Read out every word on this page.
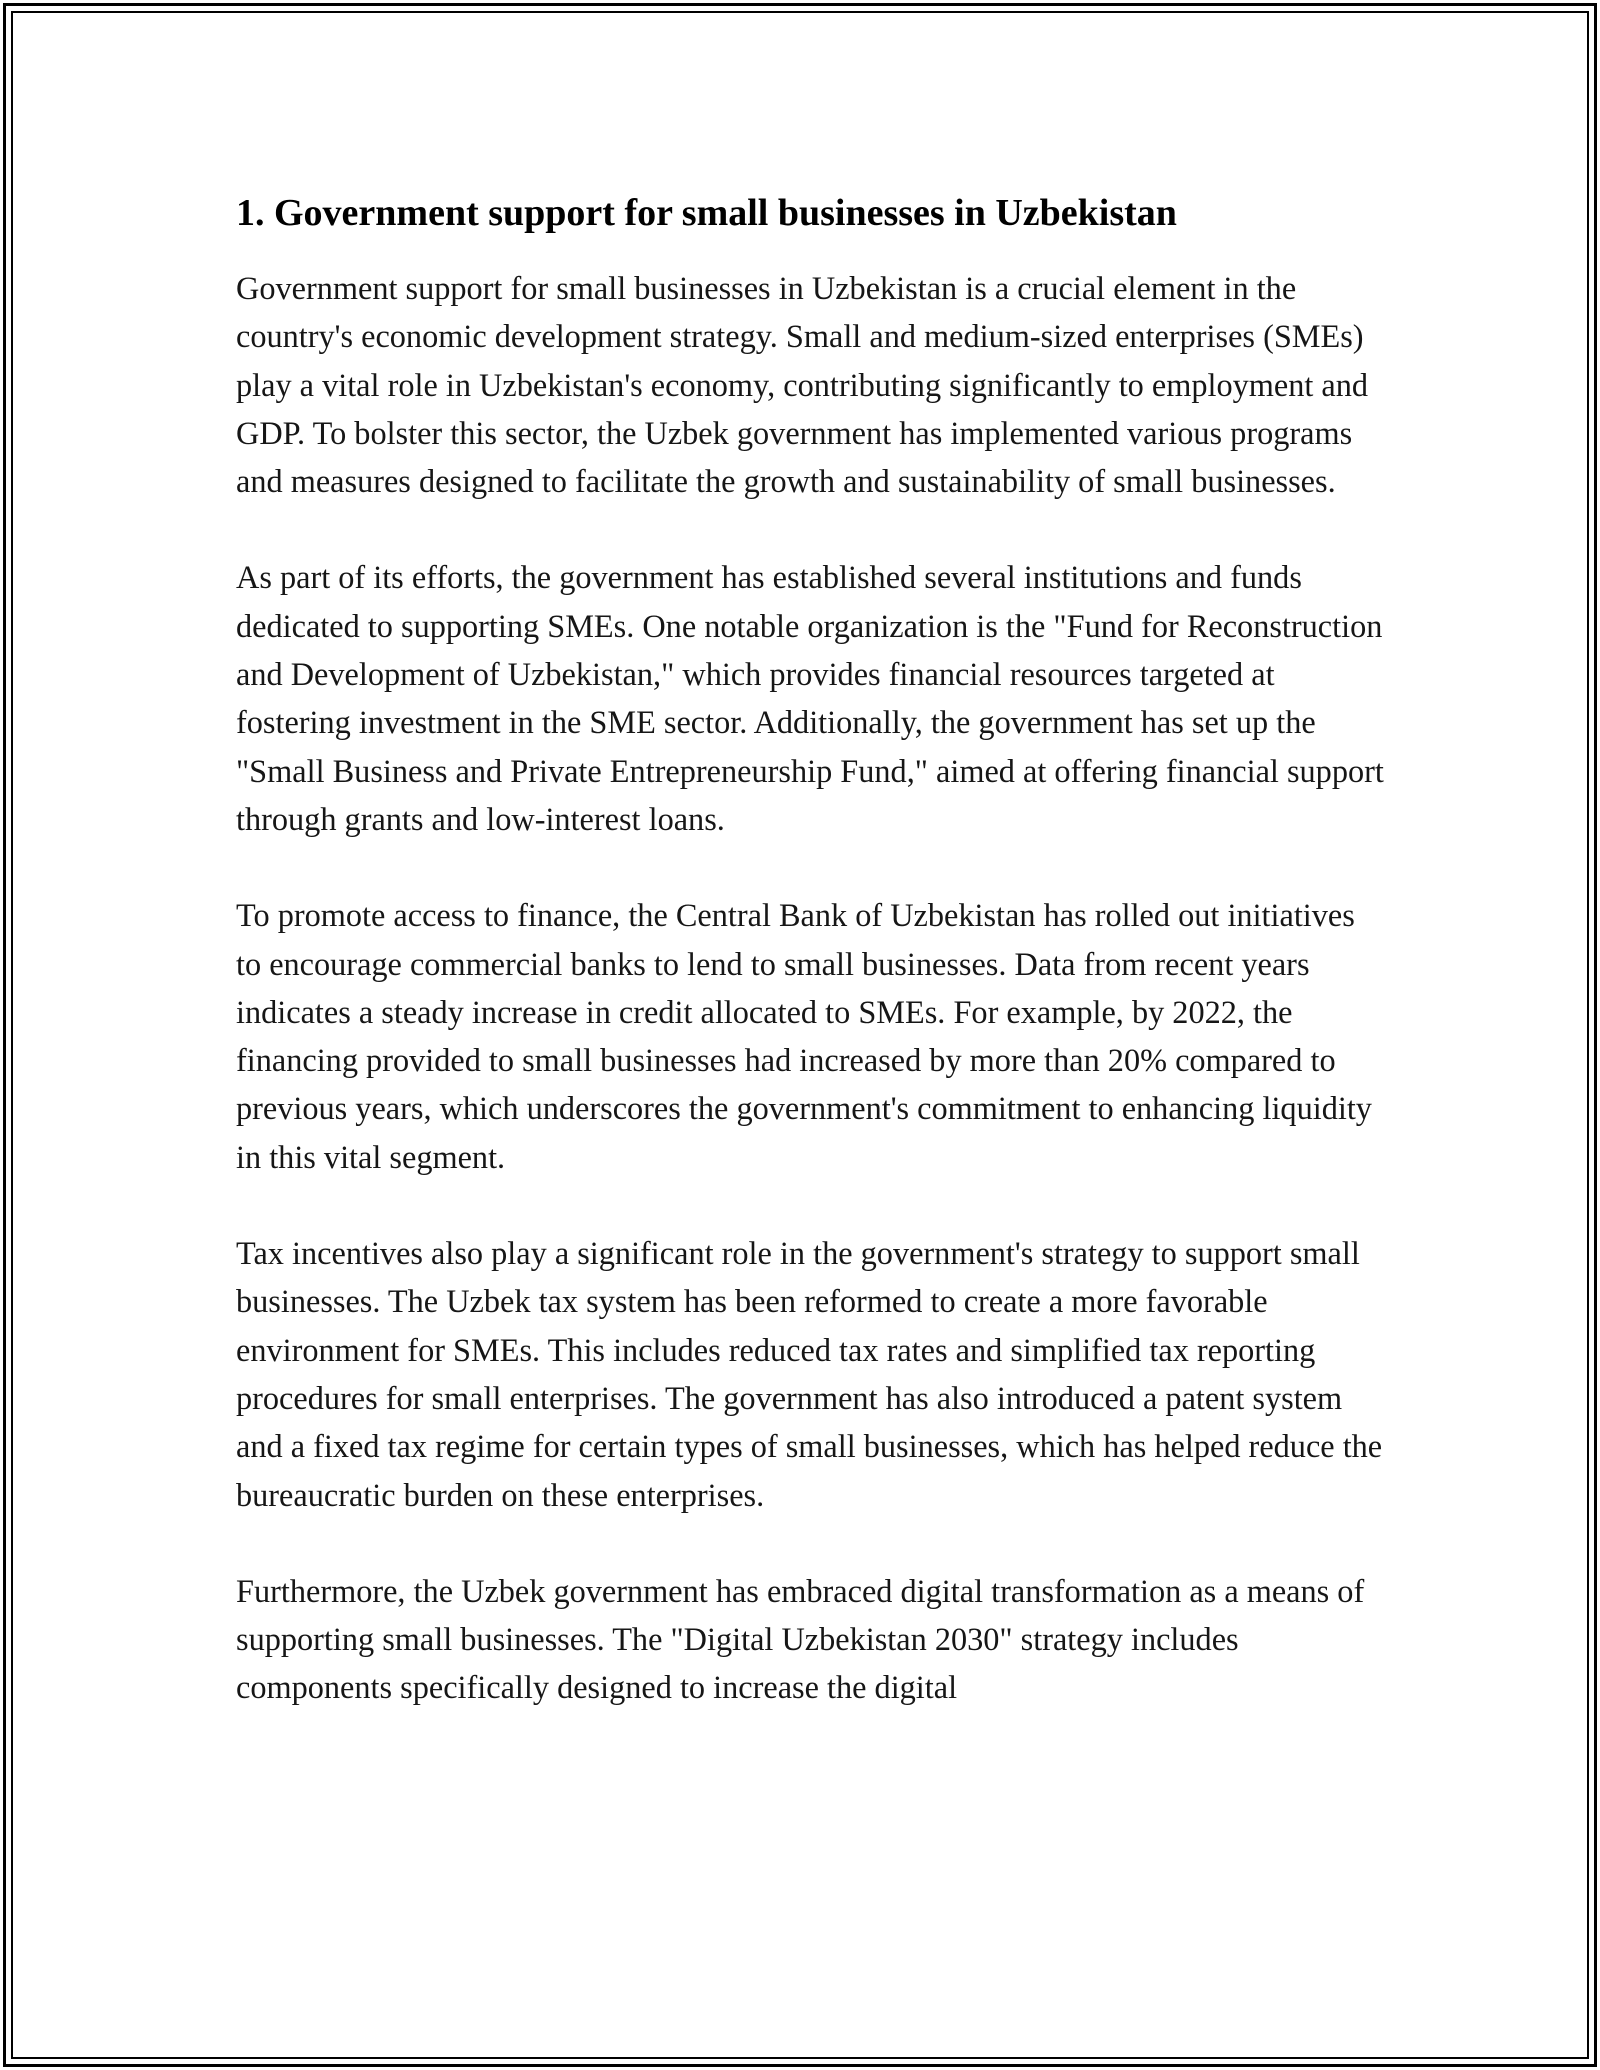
1. Government support for small businesses in Uzbekistan

Government support for small businesses in Uzbekistan is a crucial element in the country's economic development strategy. Small and medium-sized enterprises (SMEs) play a vital role in Uzbekistan's economy, contributing significantly to employment and GDP. To bolster this sector, the Uzbek government has implemented various programs and measures designed to facilitate the growth and sustainability of small businesses.

As part of its efforts, the government has established several institutions and funds dedicated to supporting SMEs. One notable organization is the "Fund for Reconstruction and Development of Uzbekistan," which provides financial resources targeted at fostering investment in the SME sector. Additionally, the government has set up the "Small Business and Private Entrepreneurship Fund," aimed at offering financial support through grants and low-interest loans.

To promote access to finance, the Central Bank of Uzbekistan has rolled out initiatives to encourage commercial banks to lend to small businesses. Data from recent years indicates a steady increase in credit allocated to SMEs. For example, by 2022, the financing provided to small businesses had increased by more than 20% compared to previous years, which underscores the government's commitment to enhancing liquidity in this vital segment.

Tax incentives also play a significant role in the government's strategy to support small businesses. The Uzbek tax system has been reformed to create a more favorable environment for SMEs. This includes reduced tax rates and simplified tax reporting procedures for small enterprises. The government has also introduced a patent system and a fixed tax regime for certain types of small businesses, which has helped reduce the bureaucratic burden on these enterprises.

Furthermore, the Uzbek government has embraced digital transformation as a means of supporting small businesses. The "Digital Uzbekistan 2030" strategy includes components specifically designed to increase the digital
